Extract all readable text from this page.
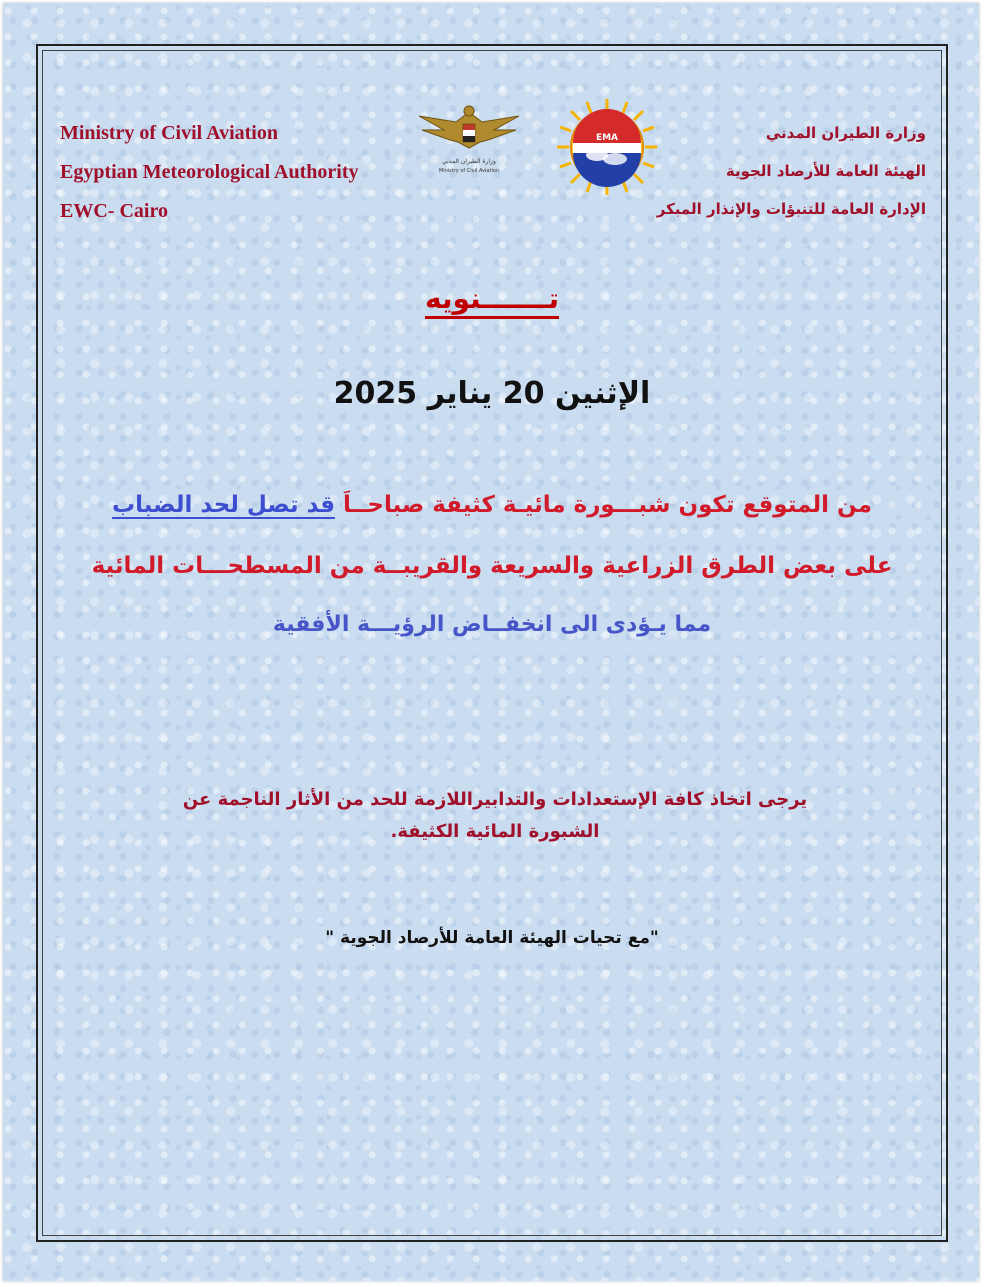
Ministry of Civil Aviation
Egyptian Meteorological Authority
EWC- Cairo
وزارة الطيران المدني
Ministry of Civil Aviation
EMA	وزارة الطيران المدني
الهيئة العامة للأرصاد الجوية
الإدارة العامة للتنبؤات والإنذار المبكر
تـــــــنويه
الإثنين 20 يناير 2025
من المتوقع تكون شبـــورة مائيـة كثيفة صباحــاَ قد تصل لحد الضباب
على بعض الطرق الزراعية والسريعة والقريبــة من المسطحـــات المائية
مما يـؤدى الى انخفــاض الرؤيـــة الأفقية
يرجى اتخاذ كافة الإستعدادات والتدابيراللازمة للحد من الأثار الناجمة عن الشبورة المائية الكثيفة.
"مع تحيات الهيئة العامة للأرصاد الجوية "
